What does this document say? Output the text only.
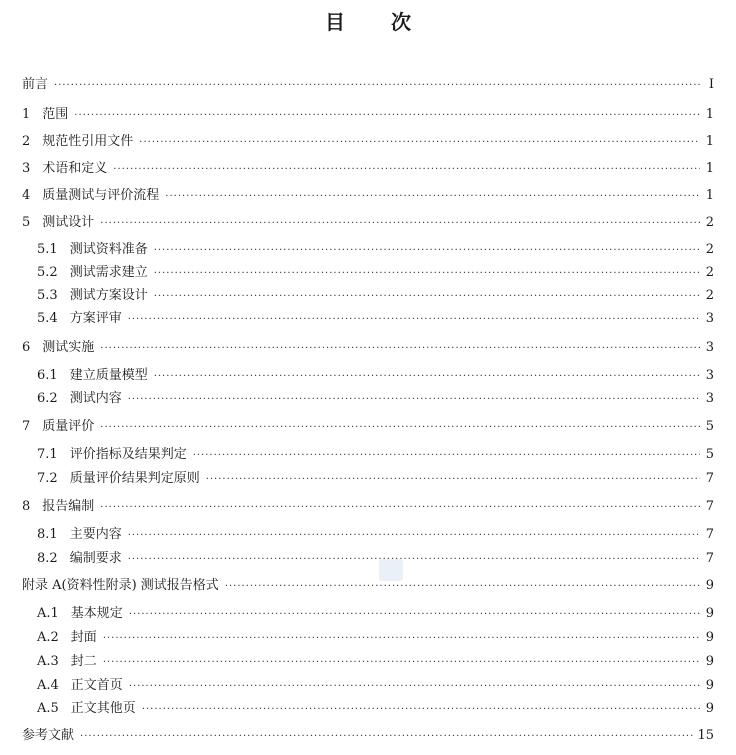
目 次
前言 ·····	I
1 范围 ·····	1
2 规范性引用文件 ·····	1
3 术语和定义 ·····	1
4 质量测试与评价流程 ·····	1
5 测试设计 ·····	2
5.1 测试资料准备 ·····	2
5.2 测试需求建立 ·····	2
5.3 测试方案设计 ·····	2
5.4 方案评审 ·····	3
6 测试实施 ·····	3
6.1 建立质量模型 ·····	3
6.2 测试内容 ·····	3
7 质量评价 ·····	5
7.1 评价指标及结果判定 ·····	5
7.2 质量评价结果判定原则 ·····	7
8 报告编制 ·····	7
8.1 主要内容 ·····	7
8.2 编制要求 ·····	7
附录 A(资料性附录) 测试报告格式 ·····	9
A.1 基本规定 ·····	9
A.2 封面 ·····	9
A.3 封二 ·····	9
A.4 正文首页 ·····	9
A.5 正文其他页 ·····	9
参考文献 ·····	15
